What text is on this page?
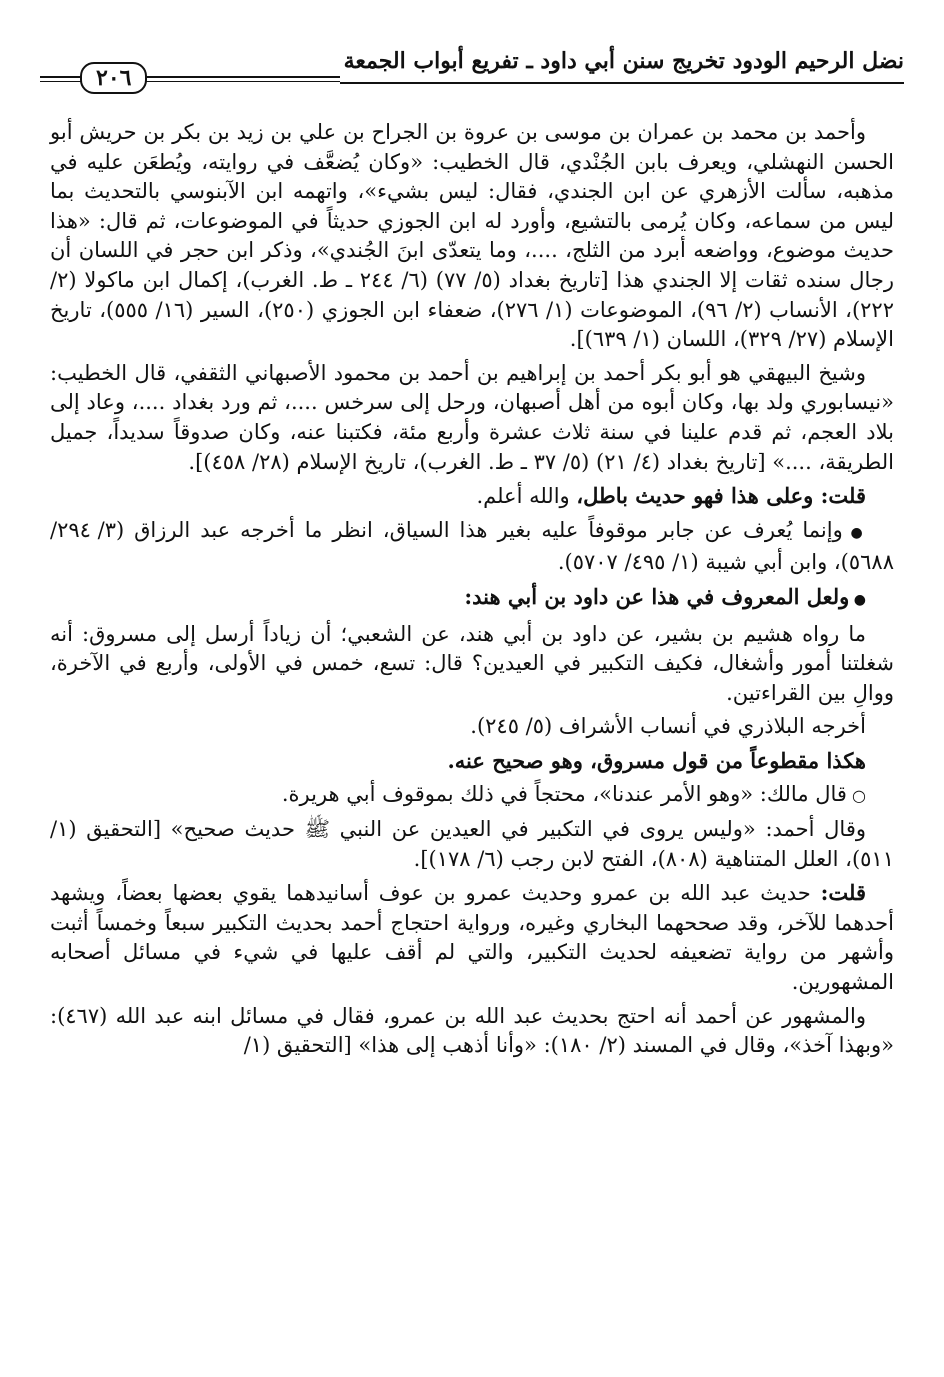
نضل الرحيم الودود تخريج سنن أبي داود ـ تفريع أبواب الجمعة
٢٠٦

وأحمد بن محمد بن عمران بن موسى بن عروة بن الجراح بن علي بن زيد بن بكر بن حريش أبو الحسن النهشلي، ويعرف بابن الجُنْدي، قال الخطيب: «وكان يُضعَّف في روايته، ويُطعَن عليه في مذهبه، سألت الأزهري عن ابن الجندي، فقال: ليس بشيء»، واتهمه ابن الآبنوسي بالتحديث بما ليس من سماعه، وكان يُرمى بالتشيع، وأورد له ابن الجوزي حديثاً في الموضوعات، ثم قال: «هذا حديث موضوع، وواضعه أبرد من الثلج، ....، وما يتعدّى ابنَ الجُندي»، وذكر ابن حجر في اللسان أن رجال سنده ثقات إلا الجندي هذا [تاريخ بغداد (٥/ ٧٧) (٦/ ٢٤٤ ـ ط. الغرب)، إكمال ابن ماكولا (٢/ ٢٢٢)، الأنساب (٢/ ٩٦)، الموضوعات (١/ ٢٧٦)، ضعفاء ابن الجوزي (٢٥٠)، السير (١٦/ ٥٥٥)، تاريخ الإسلام (٢٧/ ٣٢٩)، اللسان (١/ ٦٣٩)].

وشيخ البيهقي هو أبو بكر أحمد بن إبراهيم بن أحمد بن محمود الأصبهاني الثقفي، قال الخطيب: «نيسابوري ولد بها، وكان أبوه من أهل أصبهان، ورحل إلى سرخس ....، ثم ورد بغداد ....، وعاد إلى بلاد العجم، ثم قدم علينا في سنة ثلاث عشرة وأربع مئة، فكتبنا عنه، وكان صدوقاً سديداً، جميل الطريقة، ....» [تاريخ بغداد (٤/ ٢١) (٥/ ٣٧ ـ ط. الغرب)، تاريخ الإسلام (٢٨/ ٤٥٨)].

قلت: وعلى هذا فهو حديث باطل، والله أعلم.

● وإنما يُعرف عن جابر موقوفاً عليه بغير هذا السياق، انظر ما أخرجه عبد الرزاق (٣/ ٢٩٤/ ٥٦٨٨)، وابن أبي شيبة (١/ ٤٩٥/ ٥٧٠٧).

● ولعل المعروف في هذا عن داود بن أبي هند:

ما رواه هشيم بن بشير، عن داود بن أبي هند، عن الشعبي؛ أن زياداً أرسل إلى مسروق: أنه شغلتنا أمور وأشغال، فكيف التكبير في العيدين؟ قال: تسع، خمس في الأولى، وأربع في الآخرة، ووالِ بين القراءتين.

أخرجه البلاذري في أنساب الأشراف (٥/ ٢٤٥).

هكذا مقطوعاً من قول مسروق، وهو صحيح عنه.

○ قال مالك: «وهو الأمر عندنا»، محتجاً في ذلك بموقوف أبي هريرة.

وقال أحمد: «وليس يروى في التكبير في العيدين عن النبي ﷺ حديث صحيح» [التحقيق (١/ ٥١١)، العلل المتناهية (٨٠٨)، الفتح لابن رجب (٦/ ١٧٨)].

قلت: حديث عبد الله بن عمرو وحديث عمرو بن عوف أسانيدهما يقوي بعضها بعضاً، ويشهد أحدهما للآخر، وقد صححهما البخاري وغيره، ورواية احتجاج أحمد بحديث التكبير سبعاً وخمساً أثبت وأشهر من رواية تضعيفه لحديث التكبير، والتي لم أقف عليها في شيء في مسائل أصحابه المشهورين.

والمشهور عن أحمد أنه احتج بحديث عبد الله بن عمرو، فقال في مسائل ابنه عبد الله (٤٦٧): «وبهذا آخذ»، وقال في المسند (٢/ ١٨٠): «وأنا أذهب إلى هذا» [التحقيق (١/
